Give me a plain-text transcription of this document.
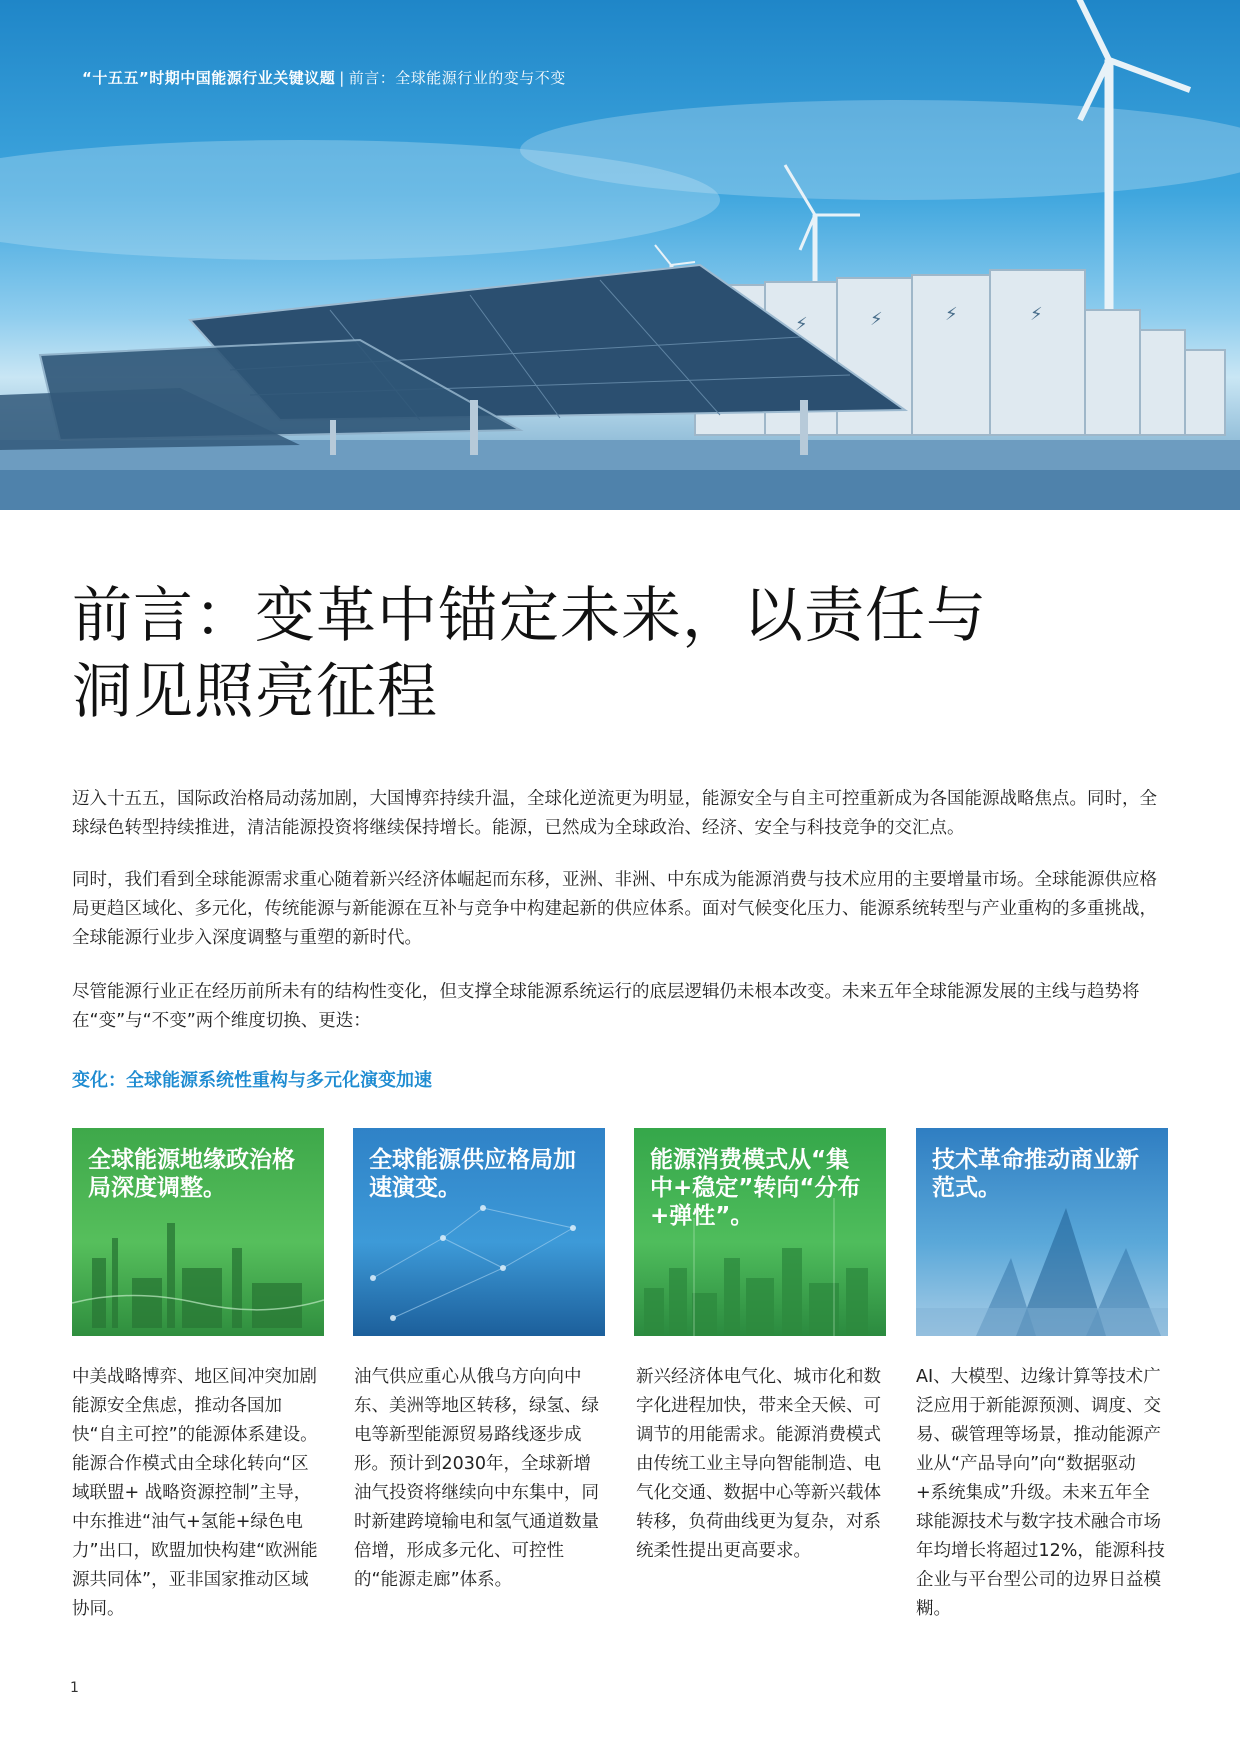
⚡	⚡	⚡	⚡
“十五五”时期中国能源行业关键议题 | 前言：全球能源行业的变与不变
前言：变革中锚定未来，以责任与
洞见照亮征程

迈入十五五，国际政治格局动荡加剧，大国博弈持续升温，全球化逆流更为明显，能源安全与自主可控重新成为各国能源战略焦点。同时，全球绿色转型持续推进，清洁能源投资将继续保持增长。能源，已然成为全球政治、经济、安全与科技竞争的交汇点。

同时，我们看到全球能源需求重心随着新兴经济体崛起而东移，亚洲、非洲、中东成为能源消费与技术应用的主要增量市场。全球能源供应格局更趋区域化、多元化，传统能源与新能源在互补与竞争中构建起新的供应体系。面对气候变化压力、能源系统转型与产业重构的多重挑战，全球能源行业步入深度调整与重塑的新时代。

尽管能源行业正在经历前所未有的结构性变化，但支撑全球能源系统运行的底层逻辑仍未根本改变。未来五年全球能源发展的主线与趋势将在“变”与“不变”两个维度切换、更迭：

变化：全球能源系统性重构与多元化演变加速

全球能源地缘政治格局深度调整。

全球能源供应格局加速演变。

能源消费模式从“集中+稳定”转向“分布+弹性”。

技术革命推动商业新范式。

中美战略博弈、地区间冲突加剧能源安全焦虑，推动各国加快“自主可控”的能源体系建设。能源合作模式由全球化转向“区域联盟+ 战略资源控制”主导，中东推进“油气+氢能+绿色电力”出口，欧盟加快构建“欧洲能源共同体”，亚非国家推动区域协同。

油气供应重心从俄乌方向向中东、美洲等地区转移，绿氢、绿电等新型能源贸易路线逐步成形。预计到2030年，全球新增油气投资将继续向中东集中，同时新建跨境输电和氢气通道数量倍增，形成多元化、可控性的“能源走廊”体系。

新兴经济体电气化、城市化和数字化进程加快，带来全天候、可调节的用能需求。能源消费模式由传统工业主导向智能制造、电气化交通、数据中心等新兴载体转移，负荷曲线更为复杂，对系统柔性提出更高要求。

AI、大模型、边缘计算等技术广泛应用于新能源预测、调度、交易、碳管理等场景，推动能源产业从“产品导向”向“数据驱动+系统集成”升级。未来五年全球能源技术与数字技术融合市场年均增长将超过12%，能源科技企业与平台型公司的边界日益模糊。

1
